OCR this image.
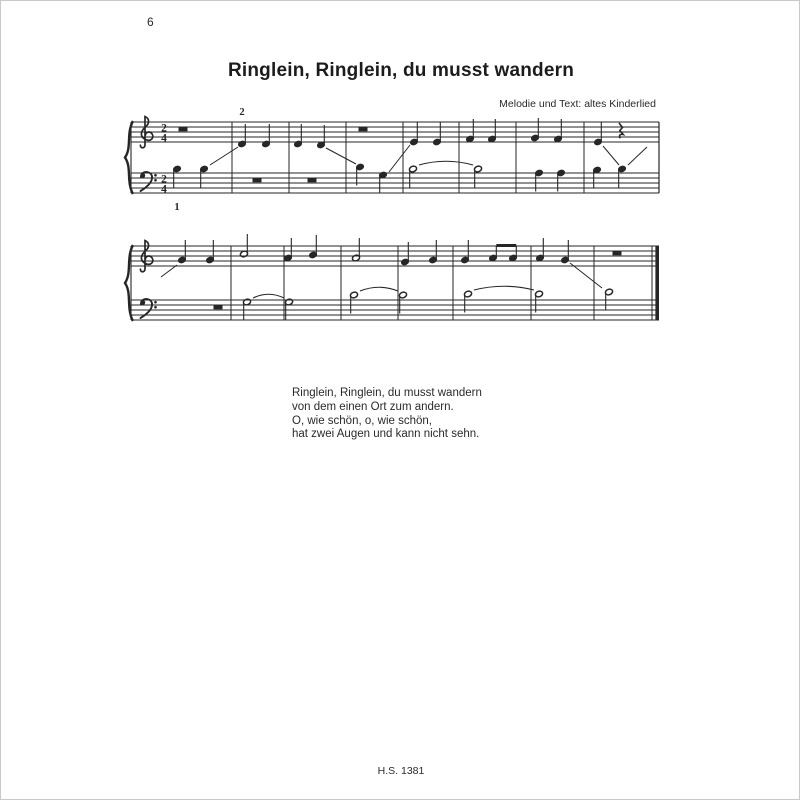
6
Ringlein, Ringlein, du musst wandern
Melodie und Text: altes Kinderlied
2
4
2
4
1
2
Ringlein, Ringlein, du musst wandern
von dem einen Ort zum andern.
O, wie schön, o, wie schön,
hat zwei Augen und kann nicht sehn.
H.S. 1381
